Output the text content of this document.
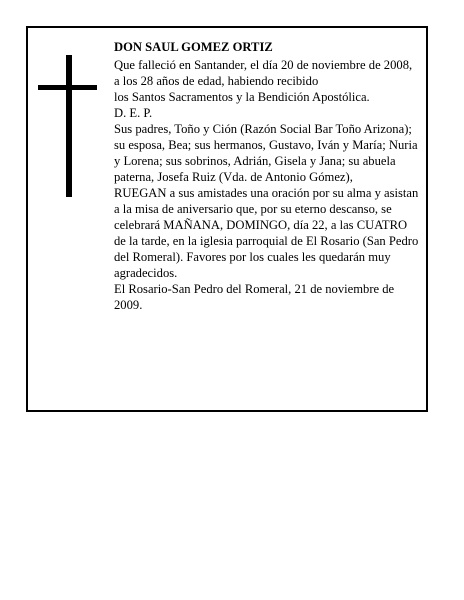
DON SAUL GOMEZ ORTIZ

Que falleció en Santander, el día 20 de noviembre de 2008,

a los 28 años de edad, habiendo recibido

los Santos Sacramentos y la Bendición Apostólica.

D. E. P.

Sus padres, Toño y Ción (Razón Social Bar Toño Arizona); su esposa, Bea; sus hermanos, Gustavo, Iván y María; Nuria y Lorena; sus sobrinos, Adrián, Gisela y Jana; su abuela paterna, Josefa Ruiz (Vda. de Antonio Gómez),

RUEGAN a sus amistades una oración por su alma y asistan a la misa de aniversario que, por su eterno descanso, se celebrará MAÑANA, DOMINGO, día 22, a las CUATRO de la tarde, en la iglesia parroquial de El Rosario (San Pedro del Romeral). Favores por los cuales les quedarán muy agradecidos.

El Rosario-San Pedro del Romeral, 21 de noviembre de 2009.
